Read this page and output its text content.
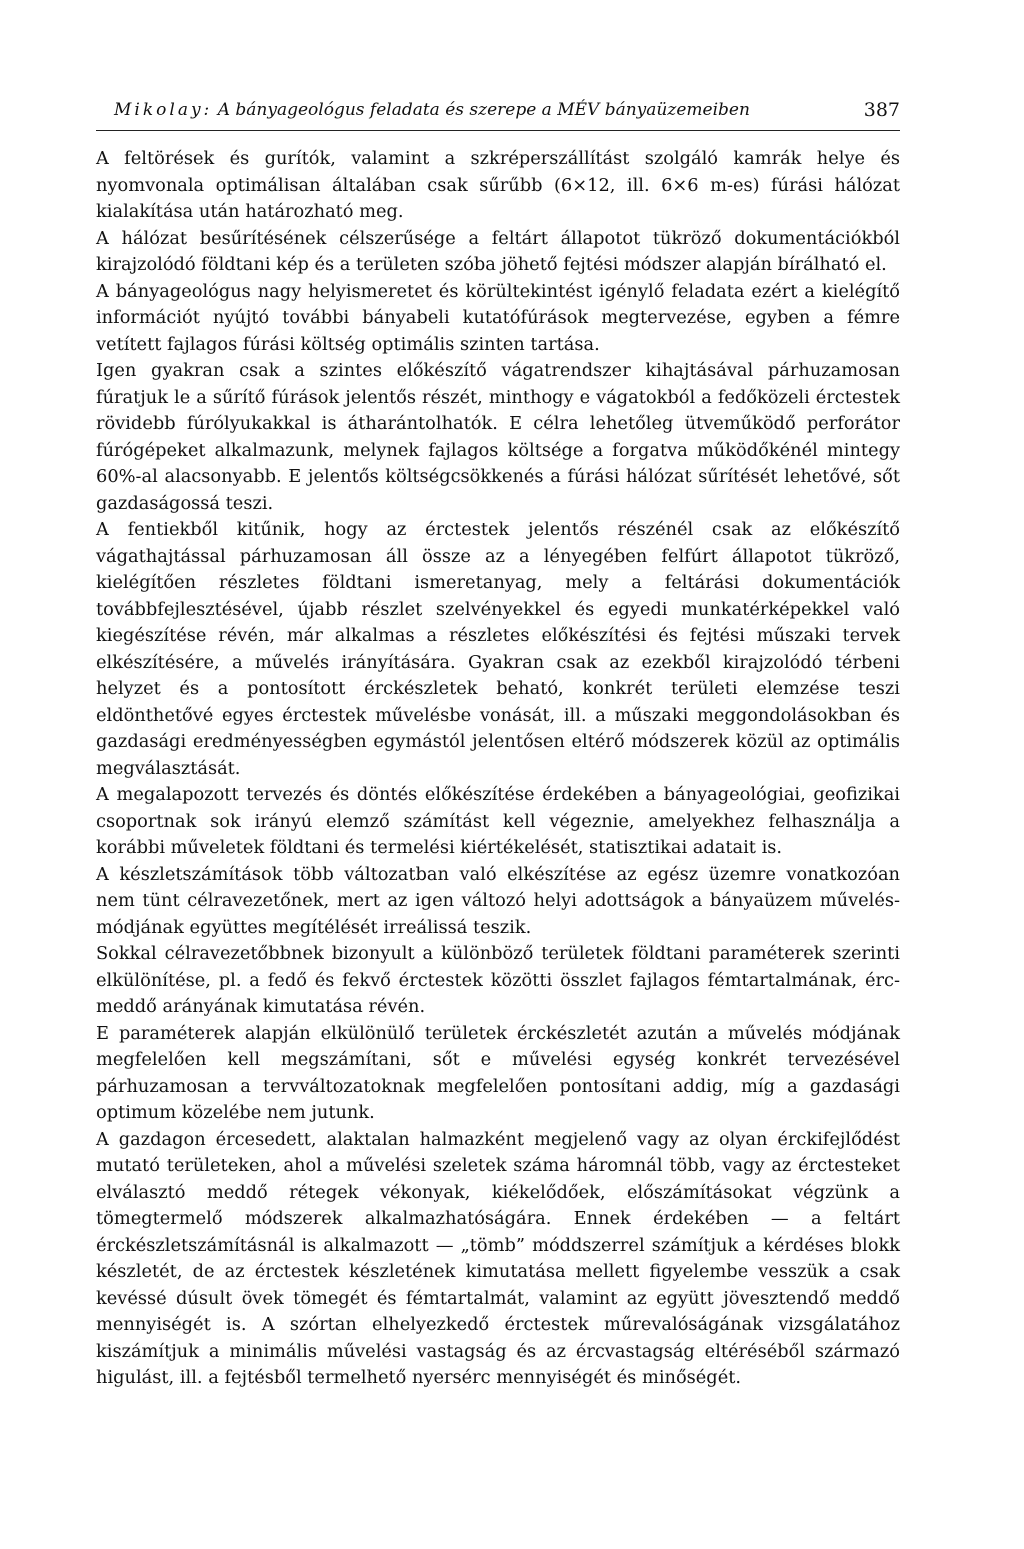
Mikolay: A bányageológus feladata és szerepe a MÉV bányaüzemeiben	387

A feltörések és gurítók, valamint a szkréperszállítást szolgáló kamrák helye és nyomvonala optimálisan általában csak sűrűbb (6×12, ill. 6×6 m-es) fúrási hálózat kialakítása után határozható meg.

A hálózat besűrítésének célszerűsége a feltárt állapotot tükröző dokumentációkból kirajzolódó földtani kép és a területen szóba jöhető fejtési módszer alapján bírálható el.

A bányageológus nagy helyismeretet és körültekintést igénylő feladata ezért a kielégítő információt nyújtó további bányabeli kutatófúrások megtervezése, egyben a fémre vetített fajlagos fúrási költség optimális szinten tartása.

Igen gyakran csak a szintes előkészítő vágatrendszer kihajtásával párhuzamosan fúratjuk le a sűrítő fúrások jelentős részét, minthogy e vágatokból a fedőközeli érctestek rövidebb fúrólyukakkal is átharántolhatók. E célra lehetőleg ütveműködő perforátor fúrógépeket alkalmazunk, melynek fajlagos költsége a forgatva működőkénél mintegy 60%-al alacsonyabb. E jelentős költségcsökkenés a fúrási hálózat sűrítését lehetővé, sőt gazdaságossá teszi.

A fentiekből kitűnik, hogy az érctestek jelentős részénél csak az előkészítő vágathajtással párhuzamosan áll össze az a lényegében felfúrt állapotot tükröző, kielégítően részletes földtani ismeretanyag, mely a feltárási dokumentációk továbbfejlesztésével, újabb részlet szelvényekkel és egyedi munkatérképekkel való kiegészítése révén, már alkalmas a részletes előkészítési és fejtési műszaki tervek elkészítésére, a művelés irányítására. Gyakran csak az ezekből kirajzolódó térbeni helyzet és a pontosított érckészletek beható, konkrét területi elemzése teszi eldönthetővé egyes érctestek művelésbe vonását, ill. a műszaki meggondolásokban és gazdasági eredményességben egymástól jelentősen eltérő módszerek közül az optimális megválasztását.

A megalapozott tervezés és döntés előkészítése érdekében a bányageológiai, geofizikai csoportnak sok irányú elemző számítást kell végeznie, amelyekhez felhasználja a korábbi műveletek földtani és termelési kiértékelését, statisztikai adatait is.

A készletszámítások több változatban való elkészítése az egész üzemre vonatkozóan nem tünt célravezetőnek, mert az igen változó helyi adottságok a bányaüzem művelés-módjának együttes megítélését irreálissá teszik.

Sokkal célravezetőbbnek bizonyult a különböző területek földtani paraméterek szerinti elkülönítése, pl. a fedő és fekvő érctestek közötti összlet fajlagos fémtartalmának, érc-meddő arányának kimutatása révén.

E paraméterek alapján elkülönülő területek érckészletét azután a művelés módjának megfelelően kell megszámítani, sőt e művelési egység konkrét tervezésével párhuzamosan a tervváltozatoknak megfelelően pontosítani addig, míg a gazdasági optimum közelébe nem jutunk.

A gazdagon ércesedett, alaktalan halmazként megjelenő vagy az olyan érckifejlődést mutató területeken, ahol a művelési szeletek száma háromnál több, vagy az érctesteket elválasztó meddő rétegek vékonyak, kiékelődőek, előszámításokat végzünk a tömegtermelő módszerek alkalmazhatóságára. Ennek érdekében — a feltárt érckészletszámításnál is alkalmazott — „tömb” móddszerrel számítjuk a kérdéses blokk készletét, de az érctestek készletének kimutatása mellett figyelembe vesszük a csak kevéssé dúsult övek tömegét és fémtartalmát, valamint az együtt jövesztendő meddő mennyiségét is. A szórtan elhelyezkedő érctestek műrevalóságának vizsgálatához kiszámítjuk a minimális művelési vastagság és az ércvastagság eltéréséből származó higulást, ill. a fejtésből termelhető nyersérc mennyiségét és minőségét.
